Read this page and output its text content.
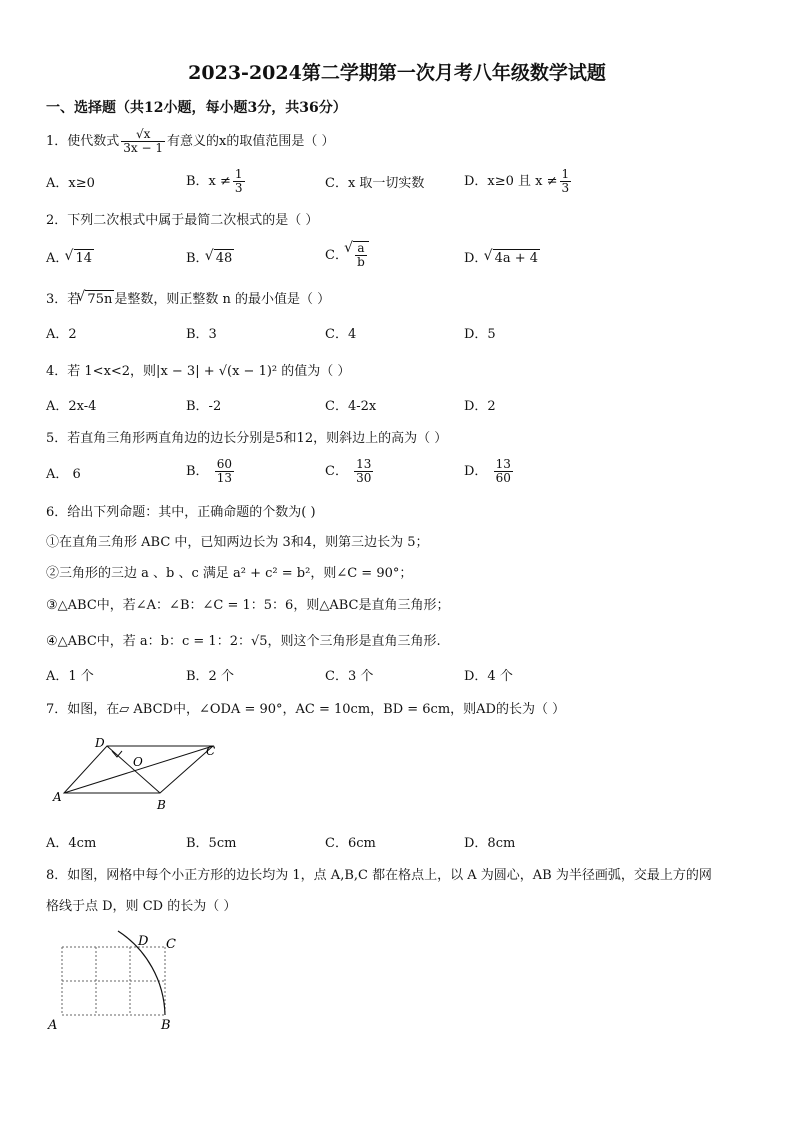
2023-2024第二学期第一次月考八年级数学试题
一、选择题（共12小题，每小题3分，共36分）
1．使代数式 $\frac{√x}{3x - 1}$ 有意义的x的取值范围是（ ）
A．x≥0	B．$x \ne \frac{1}{3}$	C．x 取一切实数	D．x≥0 且 $x \ne \frac{1}{3}$
2．下列二次根式中属于最简二次根式的是（ ）
A． √ 14	B． √ 48	C． √ $\frac{a}{b}$	D． √ 4a + 4
3．若 √ 75n 是整数，则正整数 n 的最小值是（ ）
A．2	B．3	C．4	D．5
4．若 1<x<2，则|x − 3| + √(x − 1)² 的值为（ ）
A．2x-4	B．-2	C．4-2x	D．2
5．若直角三角形两直角边的边长分别是5和12，则斜边上的高为（ ）
A． 6	B． $\frac{60}{13}$	C． $\frac{13}{30}$	D． $\frac{13}{60}$
6．给出下列命题：其中，正确命题的个数为( )
①在直角三角形 ABC 中，已知两边长为 3和4，则第三边长为 5；
②三角形的三边 a 、b 、c 满足 a² + c² = b²，则∠C = 90°；
③△ABC中，若∠A：∠B：∠C = 1：5：6，则△ABC是直角三角形；
④△ABC中，若 a：b：c = 1：2：√5，则这个三角形是直角三角形.
A．1 个	B．2 个	C．3 个	D．4 个
7．如图，在▱ ABCD中，∠ODA = 90°，AC = 10cm，BD = 6cm，则AD的长为（ ）
A
B
C
D
O
A．4cm	B．5cm	C．6cm	D．8cm
8．如图，网格中每个小正方形的边长均为 1，点 A,B,C 都在格点上，以 A 为圆心，AB 为半径画弧，交最上方的网
格线于点 D，则 CD 的长为（ ）
A	B
C
D
